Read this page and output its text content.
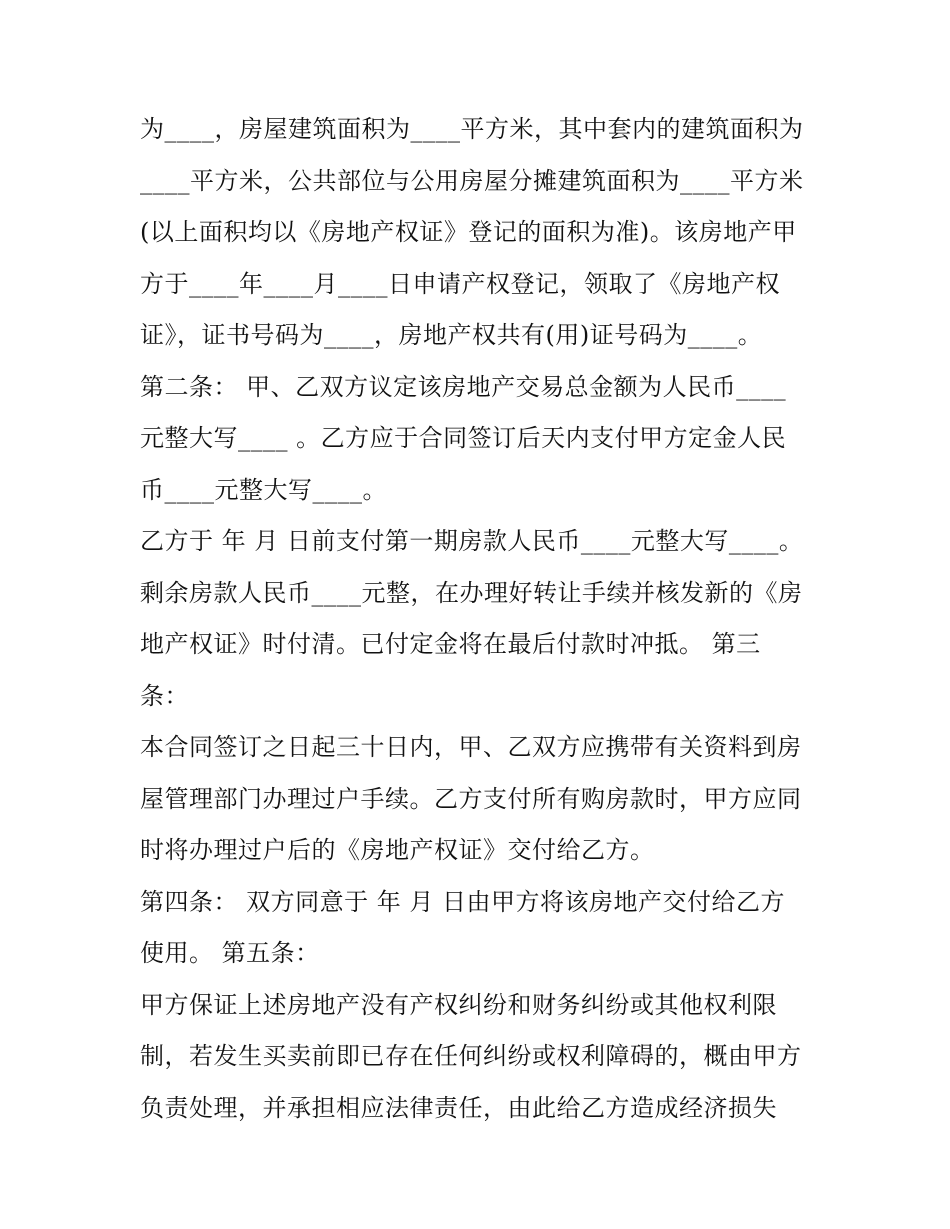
为____，房屋建筑面积为____平方米，其中套内的建筑面积为
____平方米，公共部位与公用房屋分摊建筑面积为____平方米
(以上面积均以《房地产权证》登记的面积为准)。该房地产甲
方于____年____月____日申请产权登记，领取了《房地产权
证》，证书号码为____，房地产权共有(用)证号码为____。
第二条： 甲、乙双方议定该房地产交易总金额为人民币____
元整大写____ 。乙方应于合同签订后天内支付甲方定金人民
币____元整大写____。
乙方于 年 月 日前支付第一期房款人民币____元整大写____。
剩余房款人民币____元整，在办理好转让手续并核发新的《房
地产权证》时付清。已付定金将在最后付款时冲抵。 第三
条：
本合同签订之日起三十日内，甲、乙双方应携带有关资料到房
屋管理部门办理过户手续。乙方支付所有购房款时，甲方应同
时将办理过户后的《房地产权证》交付给乙方。
第四条： 双方同意于 年 月 日由甲方将该房地产交付给乙方
使用。 第五条：
甲方保证上述房地产没有产权纠纷和财务纠纷或其他权利限
制，若发生买卖前即已存在任何纠纷或权利障碍的，概由甲方
负责处理，并承担相应法律责任，由此给乙方造成经济损失
